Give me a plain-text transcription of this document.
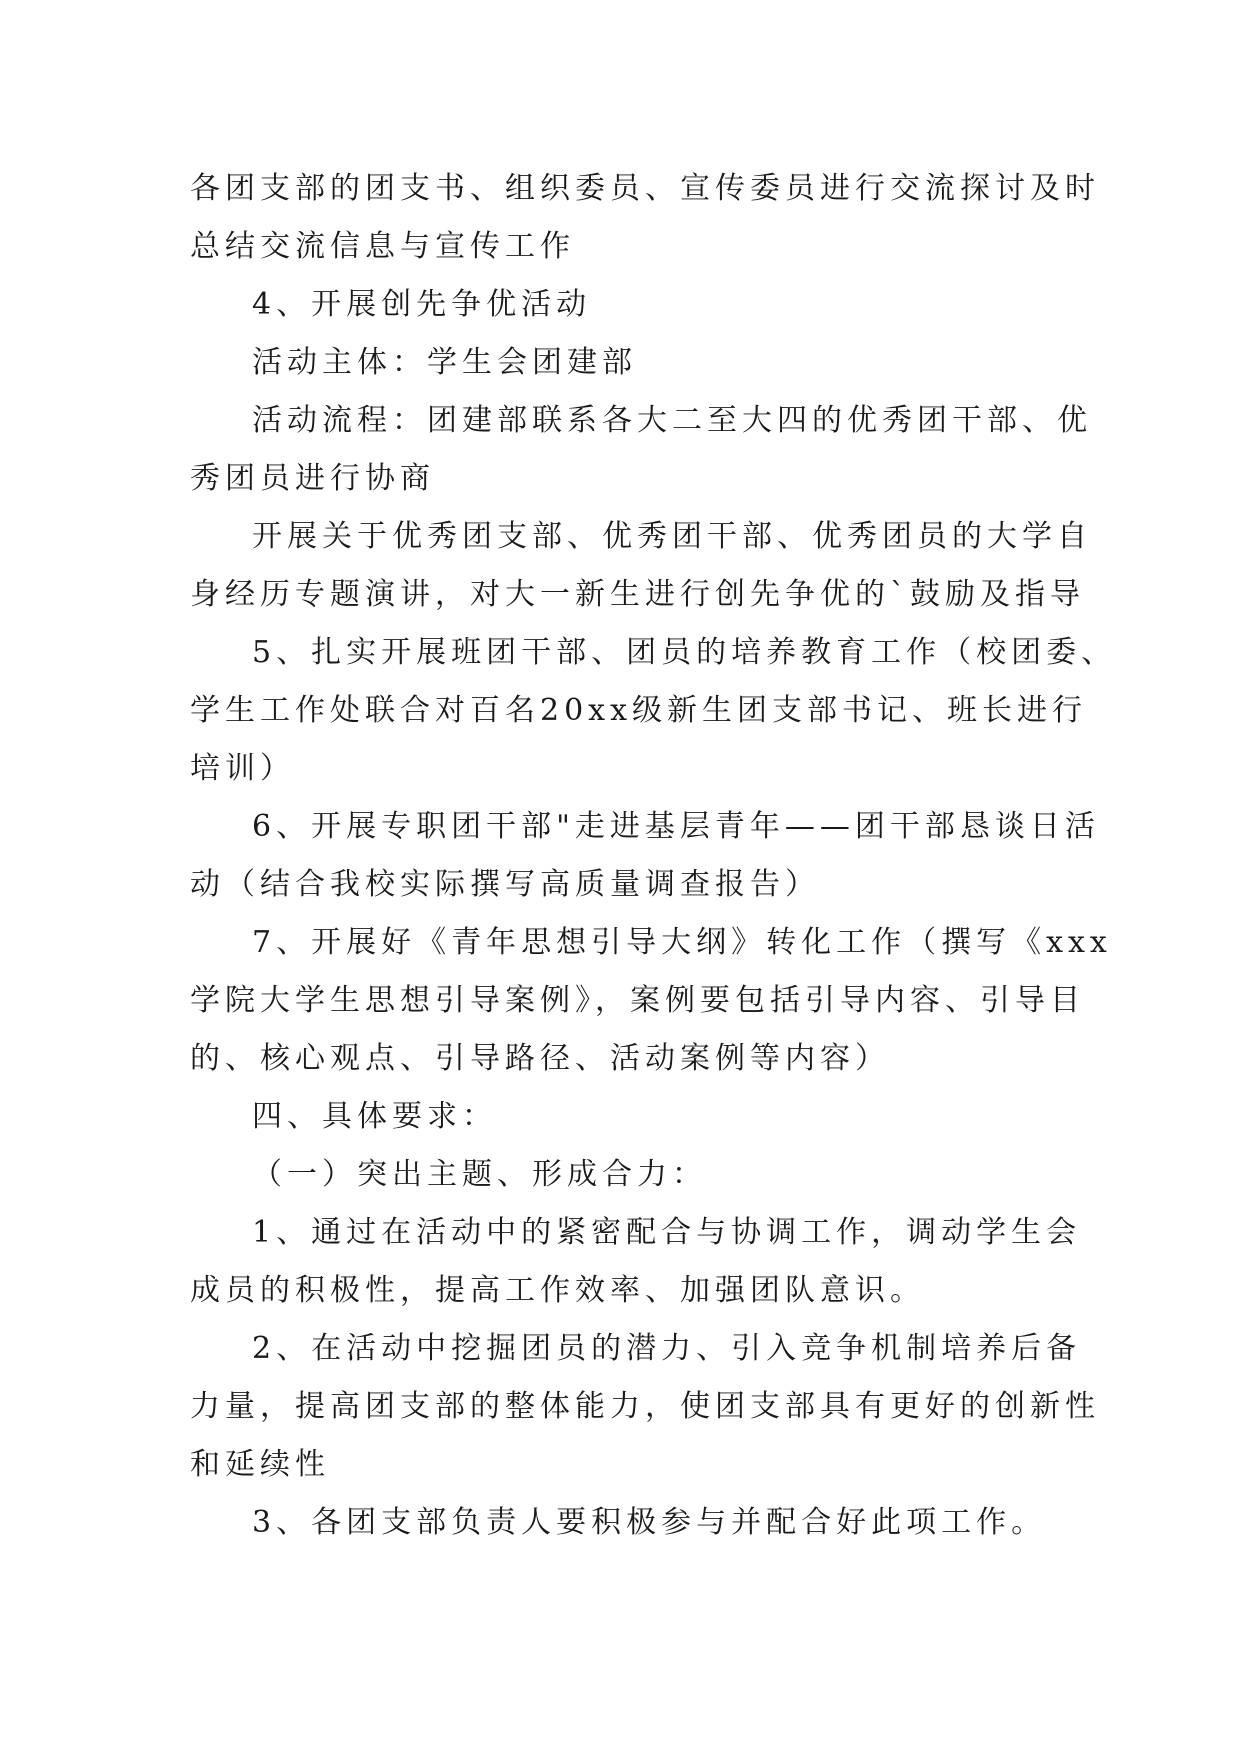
各团支部的团支书、组织委员、宣传委员进行交流探讨及时
总结交流信息与宣传工作
4、开展创先争优活动
活动主体：学生会团建部
活动流程：团建部联系各大二至大四的优秀团干部、优
秀团员进行协商
开展关于优秀团支部、优秀团干部、优秀团员的大学自
身经历专题演讲，对大一新生进行创先争优的`鼓励及指导
5、扎实开展班团干部、团员的培养教育工作（校团委、
学生工作处联合对百名20xx级新生团支部书记、班长进行
培训）
6、开展专职团干部"走进基层青年——团干部恳谈日活
动（结合我校实际撰写高质量调查报告）
7、开展好《青年思想引导大纲》转化工作（撰写《xxx
学院大学生思想引导案例》，案例要包括引导内容、引导目
的、核心观点、引导路径、活动案例等内容）
四、具体要求：
（一）突出主题、形成合力：
1、通过在活动中的紧密配合与协调工作，调动学生会
成员的积极性，提高工作效率、加强团队意识。
2、在活动中挖掘团员的潜力、引入竞争机制培养后备
力量，提高团支部的整体能力，使团支部具有更好的创新性
和延续性
3、各团支部负责人要积极参与并配合好此项工作。
